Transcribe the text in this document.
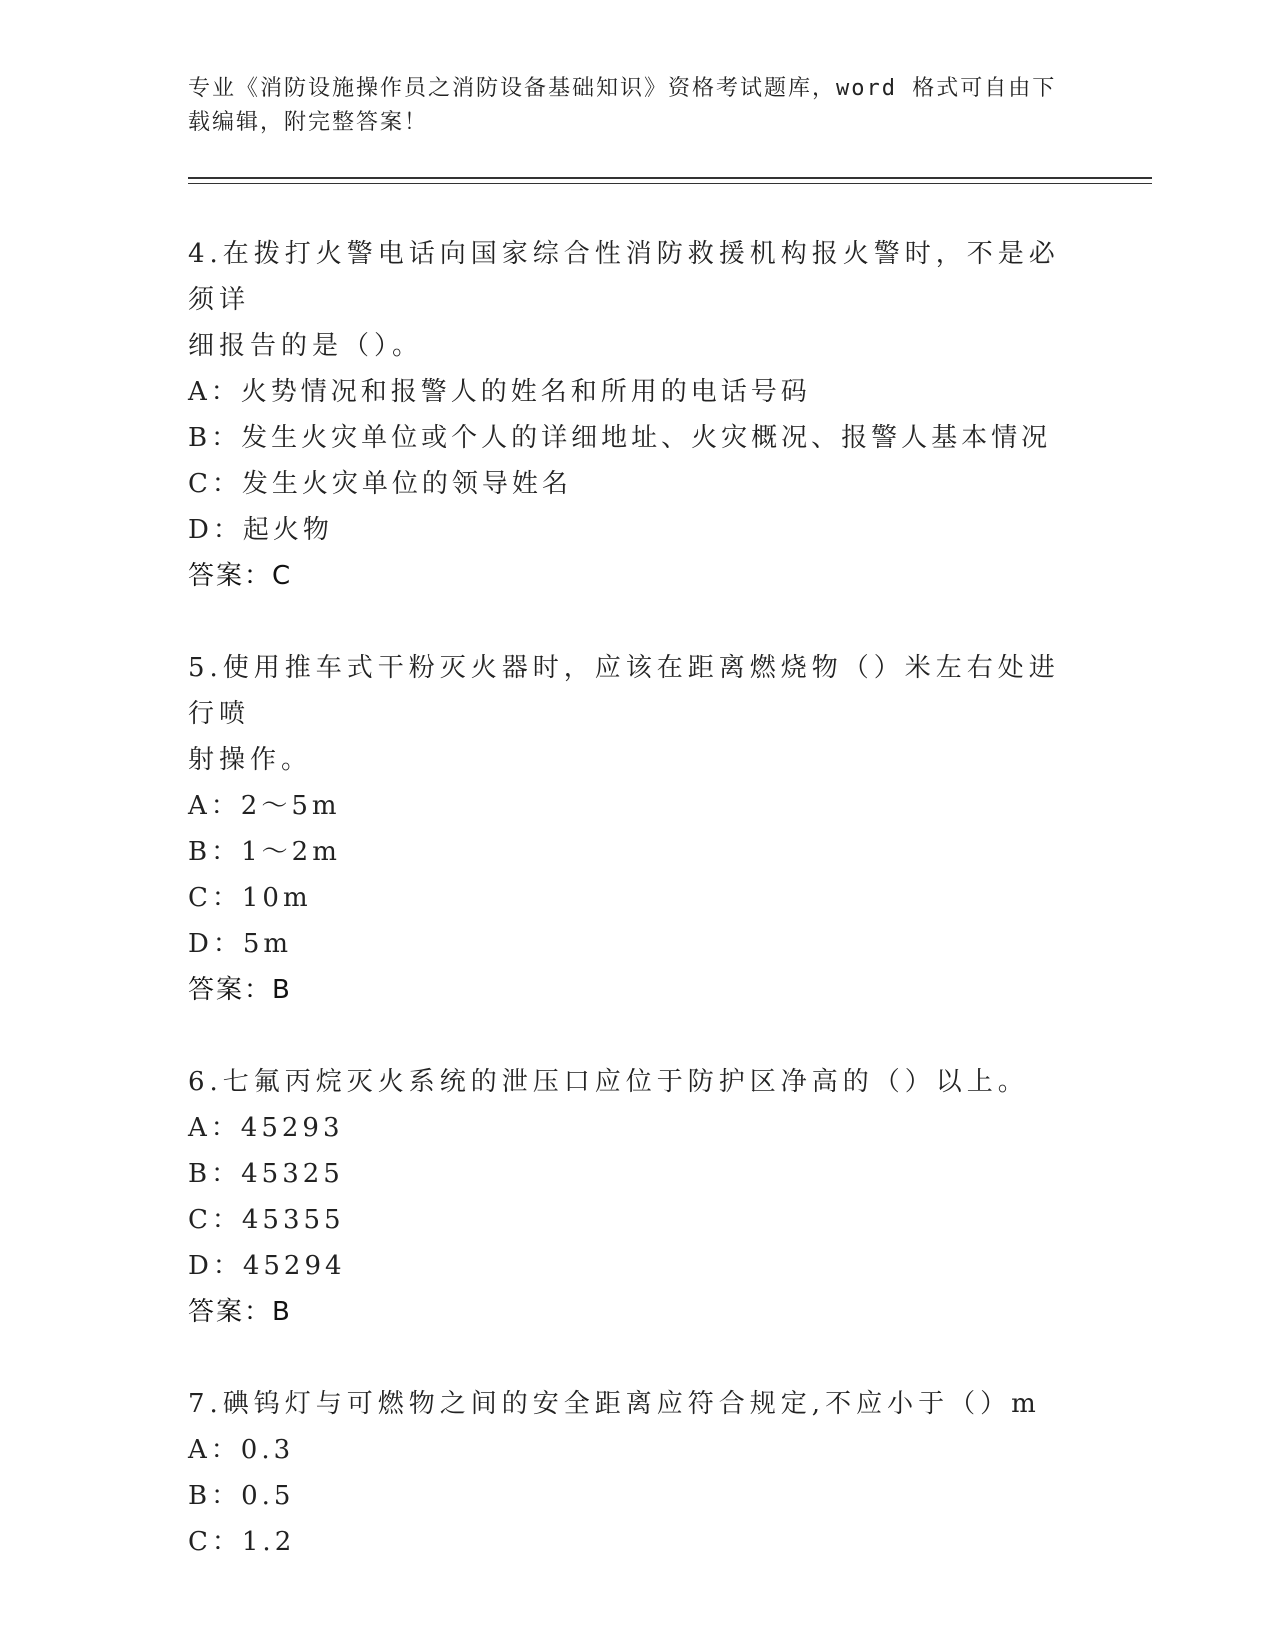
专业《消防设施操作员之消防设备基础知识》资格考试题库，word 格式可自由下
载编辑，附完整答案！
4.在拨打火警电话向国家综合性消防救援机构报火警时，不是必须详
细报告的是（）。
A：火势情况和报警人的姓名和所用的电话号码
B：发生火灾单位或个人的详细地址、火灾概况、报警人基本情况
C：发生火灾单位的领导姓名
D：起火物
答案：C
5.使用推车式干粉灭火器时，应该在距离燃烧物（）米左右处进行喷
射操作。
A：2～5m
B：1～2m
C：10m
D：5m
答案：B
6.七氟丙烷灭火系统的泄压口应位于防护区净高的（）以上。
A：45293
B：45325
C：45355
D：45294
答案：B
7.碘钨灯与可燃物之间的安全距离应符合规定,不应小于（）m
A：0.3
B：0.5
C：1.2
